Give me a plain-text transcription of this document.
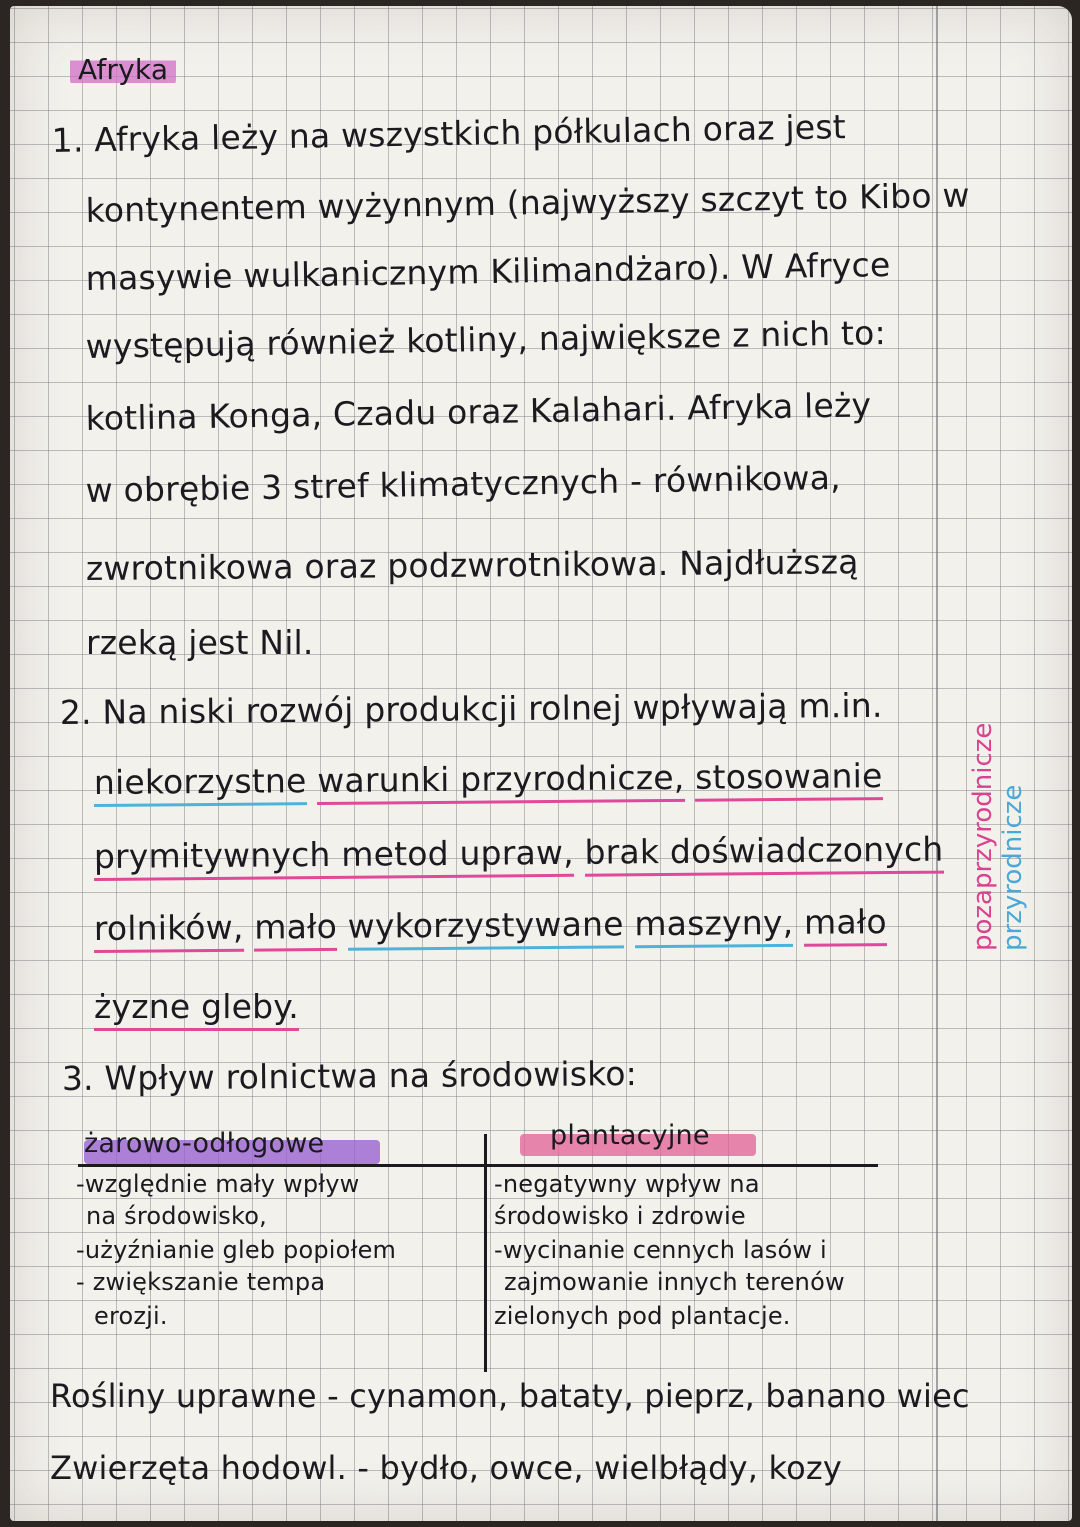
Afryka
1. Afryka leży na wszystkich półkulach oraz jest
kontynentem wyżynnym (najwyższy szczyt to Kibo w
masywie wulkanicznym Kilimandżaro). W Afryce
występują również kotliny, największe z nich to:
kotlina Konga, Czadu oraz Kalahari. Afryka leży
w obrębie 3 stref klimatycznych - równikowa,
zwrotnikowa oraz podzwrotnikowa. Najdłuższą
rzeką jest Nil.
2. Na niski rozwój produkcji rolnej wpływają m.in.
niekorzystne warunki przyrodnicze, stosowanie
prymitywnych metod upraw, brak doświadczonych
rolników, mało wykorzystywane maszyny, mało
żyzne gleby.
3. Wpływ rolnictwa na środowisko:
żarowo-odłogowe	plantacyjne
-względnie mały wpływ
na środowisko,
-użyźnianie gleb popiołem
- zwiększanie tempa
erozji.
-negatywny wpływ na
środowisko i zdrowie
-wycinanie cennych lasów i
zajmowanie innych terenów
zielonych pod plantacje.
Rośliny uprawne - cynamon, bataty, pieprz, banano wiec
Zwierzęta hodowl. - bydło, owce, wielbłądy, kozy
pozaprzyrodnicze przyrodnicze
